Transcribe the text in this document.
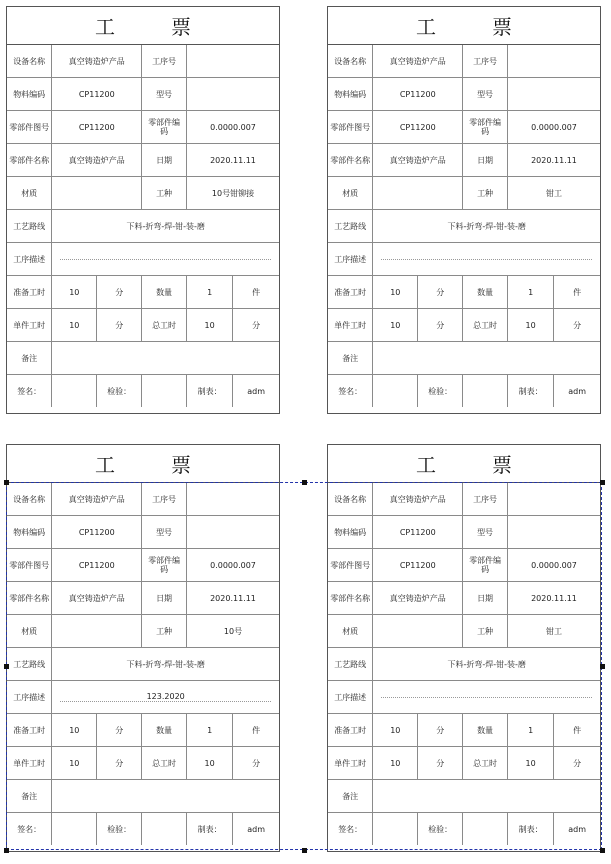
工　票
设备名称	真空铸造炉产品		工序号		
物料编码	CP11200		型号		
零部件图号	CP11200		零部件编码	0.0000.007	
零部件名称	真空铸造炉产品		日期	2020.11.11	
材质			工种	10号钳铆接	
工艺路线	下料-折弯-焊-钳-装-磨				
工序描述					

准备工时	10	分	数量	1	件
单件工时	10	分	总工时	10	分
备注					
签名：		检验：		制表：	adm
工　票
设备名称	真空铸造炉产品		工序号		
物料编码	CP11200		型号		
零部件图号	CP11200		零部件编码	0.0000.007	
零部件名称	真空铸造炉产品		日期	2020.11.11	
材质			工种	钳工	
工艺路线	下料-折弯-焊-钳-装-磨				
工序描述					

准备工时	10	分	数量	1	件
单件工时	10	分	总工时	10	分
备注					
签名：		检验：		制表：	adm
工　票
设备名称	真空铸造炉产品		工序号		
物料编码	CP11200		型号		
零部件图号	CP11200		零部件编码	0.0000.007	
零部件名称	真空铸造炉产品		日期	2020.11.11	
材质			工种	10号	
工艺路线	下料-折弯-焊-钳-装-磨				
工序描述	123.2020				

准备工时	10	分	数量	1	件
单件工时	10	分	总工时	10	分
备注					
签名：		检验：		制表：	adm
工　票
设备名称	真空铸造炉产品		工序号		
物料编码	CP11200		型号		
零部件图号	CP11200		零部件编码	0.0000.007	
零部件名称	真空铸造炉产品		日期	2020.11.11	
材质			工种	钳工	
工艺路线	下料-折弯-焊-钳-装-磨				
工序描述					

准备工时	10	分	数量	1	件
单件工时	10	分	总工时	10	分
备注					
签名：		检验：		制表：	adm
